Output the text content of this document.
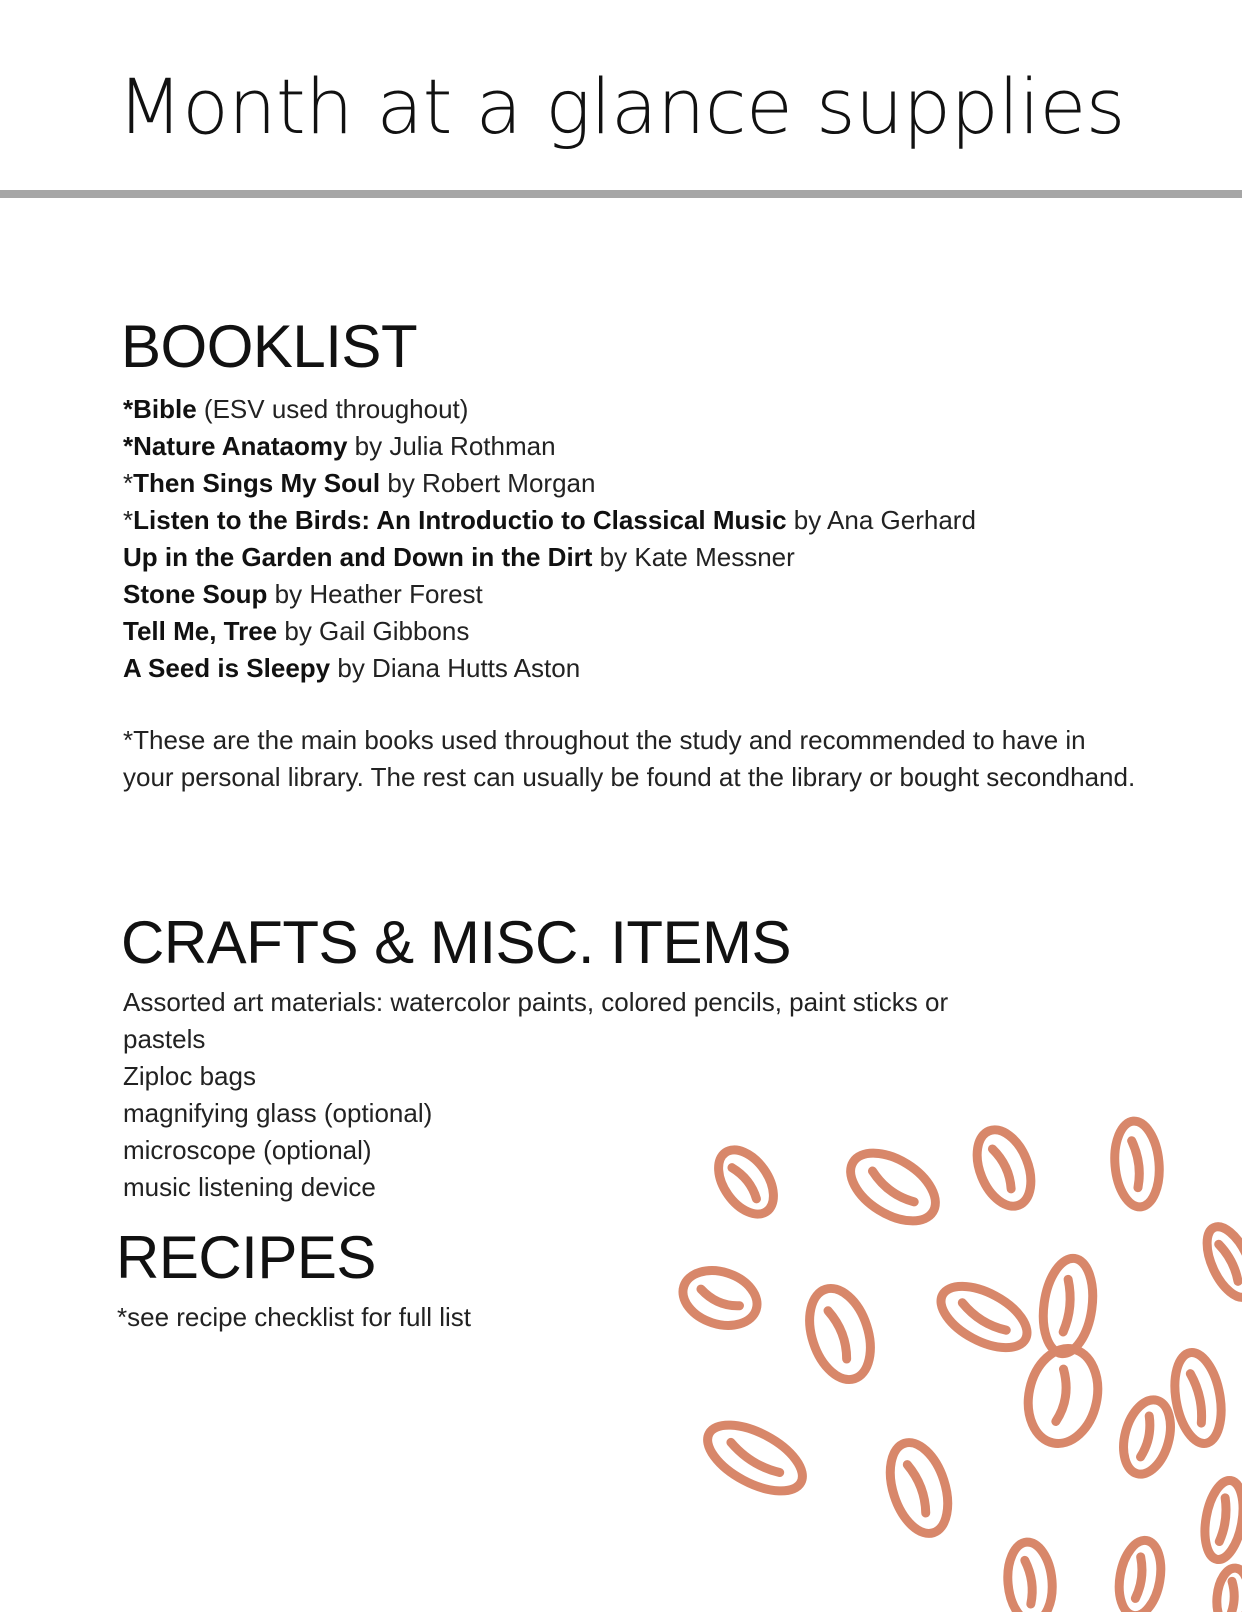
Month at a glance supplies
BOOKLIST
*Bible (ESV used throughout)
*Nature Anataomy by Julia Rothman
*Then Sings My Soul by Robert Morgan
*Listen to the Birds: An Introductio to Classical Music by Ana Gerhard
Up in the Garden and Down in the Dirt by Kate Messner
Stone Soup by Heather Forest
Tell Me, Tree by Gail Gibbons
A Seed is Sleepy by Diana Hutts Aston
*These are the main books used throughout the study and recommended to have in your personal library. The rest can usually be found at the library or bought secondhand.
CRAFTS & MISC. ITEMS
Assorted art materials: watercolor paints, colored pencils, paint sticks or
pastels
Ziploc bags
magnifying glass (optional)
microscope (optional)
music listening device
RECIPES
*see recipe checklist for full list
